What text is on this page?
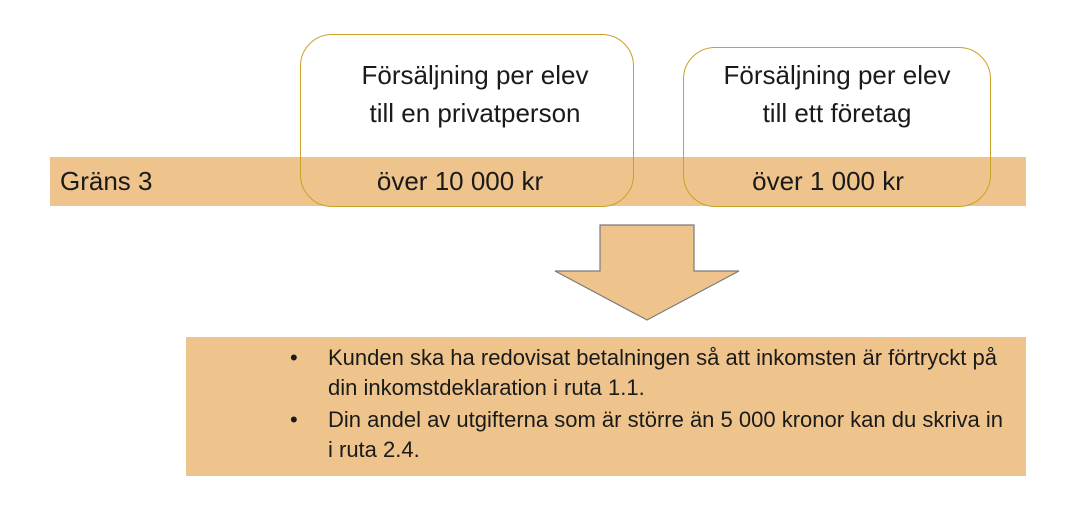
Gräns 3
Försäljning per elev
till en privatperson
över 10 000 kr
Försäljning per elev
till ett företag
över 1 000 kr
• Kunden ska ha redovisat betalningen så att inkomsten är förtryckt på din inkomstdeklaration i ruta 1.1.
• Din andel av utgifterna som är större än 5 000 kronor kan du skriva in i ruta 2.4.
